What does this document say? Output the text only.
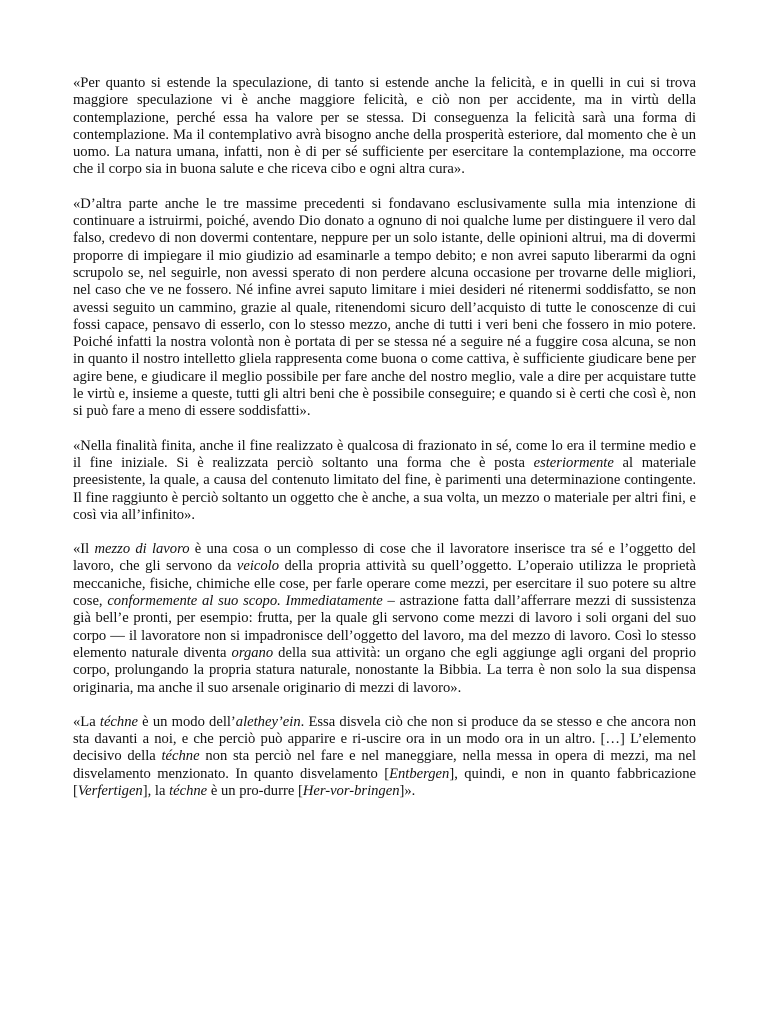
«Per quanto si estende la speculazione, di tanto si estende anche la felicità, e in quelli in cui si trova maggiore speculazione vi è anche maggiore felicità, e ciò non per accidente, ma in virtù della contemplazione, perché essa ha valore per se stessa. Di conseguenza la felicità sarà una forma di contemplazione. Ma il contemplativo avrà bisogno anche della prosperità esteriore, dal momento che è un uomo. La natura umana, infatti, non è di per sé sufficiente per esercitare la contemplazione, ma occorre che il corpo sia in buona salute e che riceva cibo e ogni altra cura».

«D’altra parte anche le tre massime precedenti si fondavano esclusivamente sulla mia intenzione di continuare a istruirmi, poiché, avendo Dio donato a ognuno di noi qualche lume per distinguere il vero dal falso, credevo di non dovermi contentare, neppure per un solo istante, delle opinioni altrui, ma di dovermi proporre di impiegare il mio giudizio ad esaminarle a tempo debito; e non avrei saputo liberarmi da ogni scrupolo se, nel seguirle, non avessi sperato di non perdere alcuna occasione per trovarne delle migliori, nel caso che ve ne fossero. Né infine avrei saputo limitare i miei desideri né ritenermi soddisfatto, se non avessi seguito un cammino, grazie al quale, ritenendomi sicuro dell’acquisto di tutte le conoscenze di cui fossi capace, pensavo di esserlo, con lo stesso mezzo, anche di tutti i veri beni che fossero in mio potere. Poiché infatti la nostra volontà non è portata di per se stessa né a seguire né a fuggire cosa alcuna, se non in quanto il nostro intelletto gliela rappresenta come buona o come cattiva, è sufficiente giudicare bene per agire bene, e giudicare il meglio possibile per fare anche del nostro meglio, vale a dire per acquistare tutte le virtù e, insieme a queste, tutti gli altri beni che è possibile conseguire; e quando si è certi che così è, non si può fare a meno di essere soddisfatti».

«Nella finalità finita, anche il fine realizzato è qualcosa di frazionato in sé, come lo era il termine medio e il fine iniziale. Si è realizzata perciò soltanto una forma che è posta esteriormente al materiale preesistente, la quale, a causa del contenuto limitato del fine, è parimenti una determinazione contingente. Il fine raggiunto è perciò soltanto un oggetto che è anche, a sua volta, un mezzo o materiale per altri fini, e così via all’infinito».

«Il mezzo di lavoro è una cosa o un complesso di cose che il lavoratore inserisce tra sé e l’oggetto del lavoro, che gli servono da veicolo della propria attività su quell’oggetto. L’operaio utilizza le proprietà meccaniche, fisiche, chimiche elle cose, per farle operare come mezzi, per esercitare il suo potere su altre cose, conformemente al suo scopo. Immediatamente – astrazione fatta dall’afferrare mezzi di sussistenza già bell’e pronti, per esempio: frutta, per la quale gli servono come mezzi di lavoro i soli organi del suo corpo — il lavoratore non si impadronisce dell’oggetto del lavoro, ma del mezzo di lavoro. Così lo stesso elemento naturale diventa organo della sua attività: un organo che egli aggiunge agli organi del proprio corpo, prolungando la propria statura naturale, nonostante la Bibbia. La terra è non solo la sua dispensa originaria, ma anche il suo arsenale originario di mezzi di lavoro».

«La téchne è un modo dell’alethey’ein. Essa disvela ciò che non si produce da se stesso e che ancora non sta davanti a noi, e che perciò può apparire e ri-uscire ora in un modo ora in un altro. […] L’elemento decisivo della téchne non sta perciò nel fare e nel maneggiare, nella messa in opera di mezzi, ma nel disvelamento menzionato. In quanto disvelamento [Entbergen], quindi, e non in quanto fabbricazione [Verfertigen], la téchne è un pro-durre [Her-vor-bringen]».
